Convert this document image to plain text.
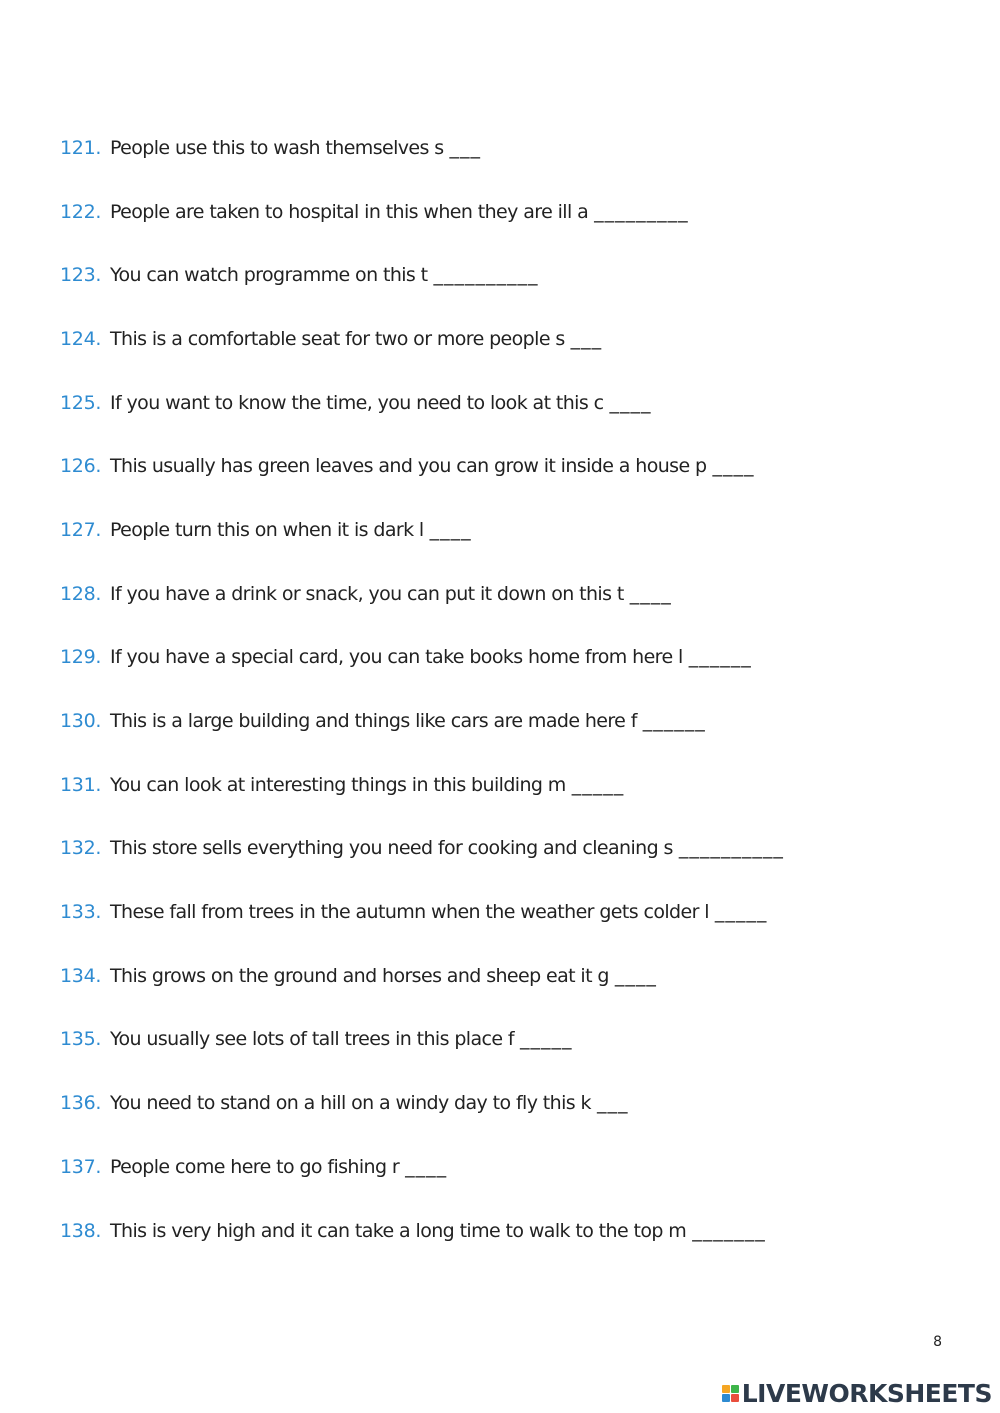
121. People use this to wash themselves s ___
122. People are taken to hospital in this when they are ill a _________
123. You can watch programme on this t __________
124. This is a comfortable seat for two or more people s ___
125. If you want to know the time, you need to look at this c ____
126. This usually has green leaves and you can grow it inside a house p ____
127. People turn this on when it is dark l ____
128. If you have a drink or snack, you can put it down on this t ____
129. If you have a special card, you can take books home from here l ______
130. This is a large building and things like cars are made here f ______
131. You can look at interesting things in this building m _____
132. This store sells everything you need for cooking and cleaning s __________
133. These fall from trees in the autumn when the weather gets colder l _____
134. This grows on the ground and horses and sheep eat it g ____
135. You usually see lots of tall trees in this place f _____
136. You need to stand on a hill on a windy day to fly this k ___
137. People come here to go fishing r ____
138. This is very high and it can take a long time to walk to the top m _______
8
LIVEWORKSHEETS
